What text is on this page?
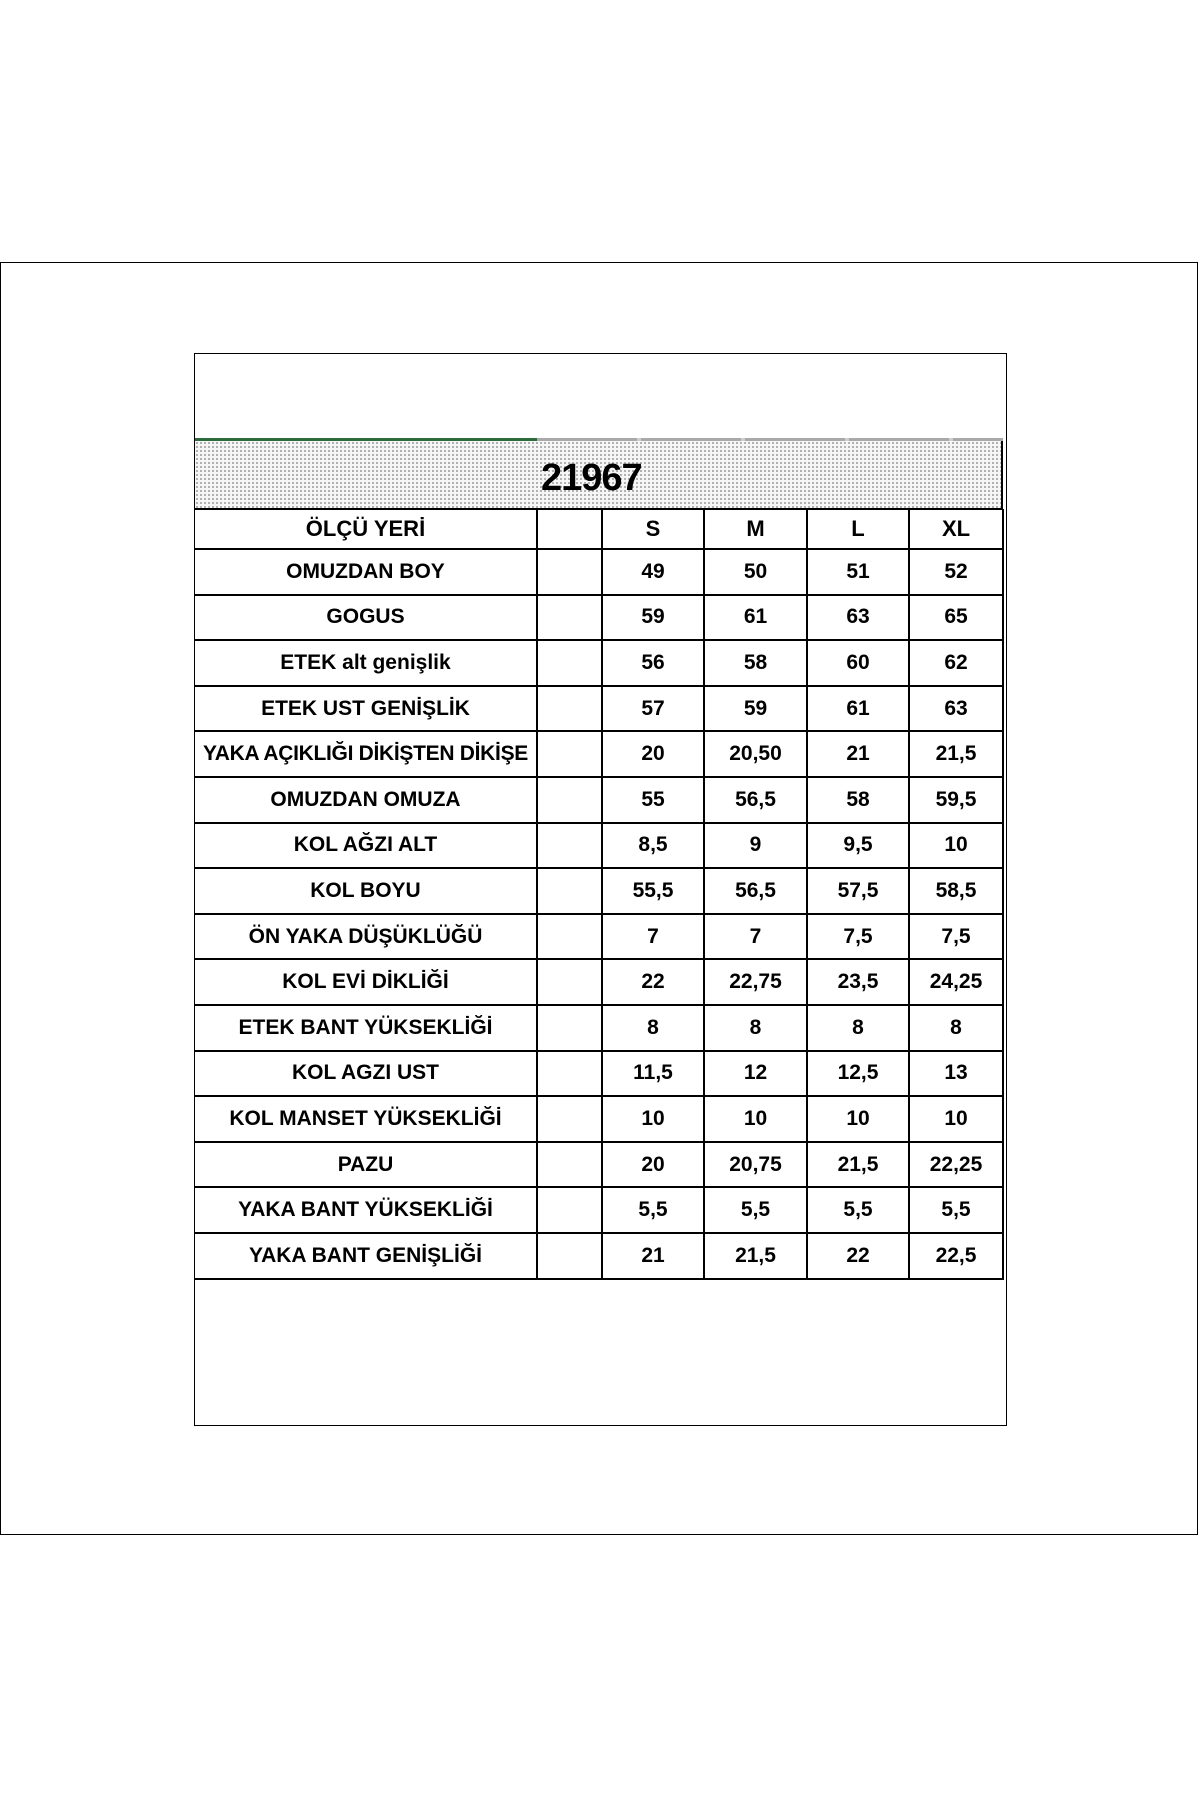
21967
ÖLÇÜ YERİ		S	M	L	XL
OMUZDAN BOY		49	50	51	52
GOGUS		59	61	63	65
ETEK alt genişlik		56	58	60	62
ETEK UST GENİŞLİK		57	59	61	63
YAKA AÇIKLIĞI DİKİŞTEN DİKİŞE		20	20,50	21	21,5
OMUZDAN OMUZA		55	56,5	58	59,5
KOL AĞZI ALT		8,5	9	9,5	10
KOL BOYU		55,5	56,5	57,5	58,5
ÖN YAKA DÜŞÜKLÜĞÜ		7	7	7,5	7,5
KOL EVİ DİKLİĞİ		22	22,75	23,5	24,25
ETEK BANT YÜKSEKLİĞİ		8	8	8	8
KOL AGZI UST		11,5	12	12,5	13
KOL MANSET YÜKSEKLİĞİ		10	10	10	10
PAZU		20	20,75	21,5	22,25
YAKA BANT YÜKSEKLİĞİ		5,5	5,5	5,5	5,5
YAKA BANT GENİŞLİĞİ		21	21,5	22	22,5
